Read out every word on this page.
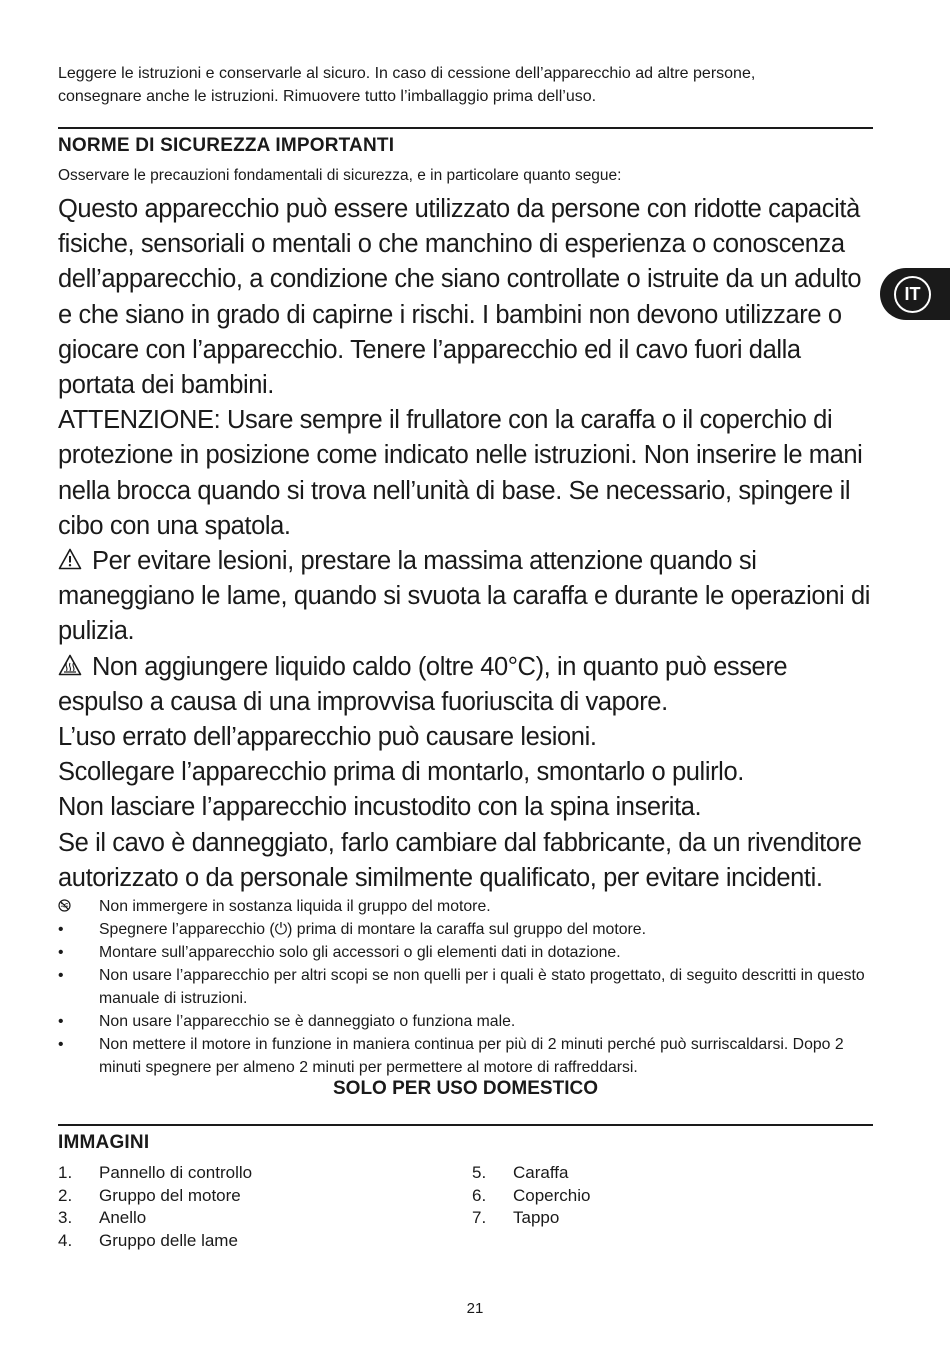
Leggere le istruzioni e conservarle al sicuro. In caso di cessione dell’apparecchio ad altre persone,
consegnare anche le istruzioni. Rimuovere tutto l’imballaggio prima dell’uso.
NORME DI SICUREZZA IMPORTANTI
Osservare le precauzioni fondamentali di sicurezza, e in particolare quanto segue:

Questo apparecchio può essere utilizzato da persone con ridotte capacità fisiche, sensoriali o mentali o che manchino di esperienza o conoscenza dell’apparecchio, a condizione che siano controllate o istruite da un adulto e che siano in grado di capirne i rischi. I bambini non devono utilizzare o giocare con l’apparecchio. Tenere l’apparecchio ed il cavo fuori dalla portata dei bambini.

ATTENZIONE: Usare sempre il frullatore con la caraffa o il coperchio di protezione in posizione come indicato nelle istruzioni. Non inserire le mani nella brocca quando si trova nell’unità di base. Se necessario, spingere il cibo con una spatola.

Per evitare lesioni, prestare la massima attenzione quando si maneggiano le lame, quando si svuota la caraffa e durante le operazioni di pulizia.

Non aggiungere liquido caldo (oltre 40°C), in quanto può essere espulso a causa di una improvvisa fuoriuscita di vapore.

L’uso errato dell’apparecchio può causare lesioni.

Scollegare l’apparecchio prima di montarlo, smontarlo o pulirlo.

Non lasciare l’apparecchio incustodito con la spina inserita.

Se il cavo è danneggiato, farlo cambiare dal fabbricante, da un rivenditore autorizzato o da personale similmente qualificato, per evitare incidenti.

Non immergere in sostanza liquida il gruppo del motore.
•	Spegnere l’apparecchio (⏻) prima di montare la caraffa sul gruppo del motore.
•	Montare sull’apparecchio solo gli accessori o gli elementi dati in dotazione.
•	Non usare l’apparecchio per altri scopi se non quelli per i quali è stato progettato, di seguito descritti in questo manuale di istruzioni.
•	Non usare l’apparecchio se è danneggiato o funziona male.
•	Non mettere il motore in funzione in maniera continua per più di 2 minuti perché può surriscaldarsi. Dopo 2 minuti spegnere per almeno 2 minuti per permettere al motore di raffreddarsi.
SOLO PER USO DOMESTICO
IMMAGINI
1. Pannello di controllo
2. Gruppo del motore
3. Anello
4. Gruppo delle lame
5. Caraffa
6. Coperchio
7. Tappo
IT
21
